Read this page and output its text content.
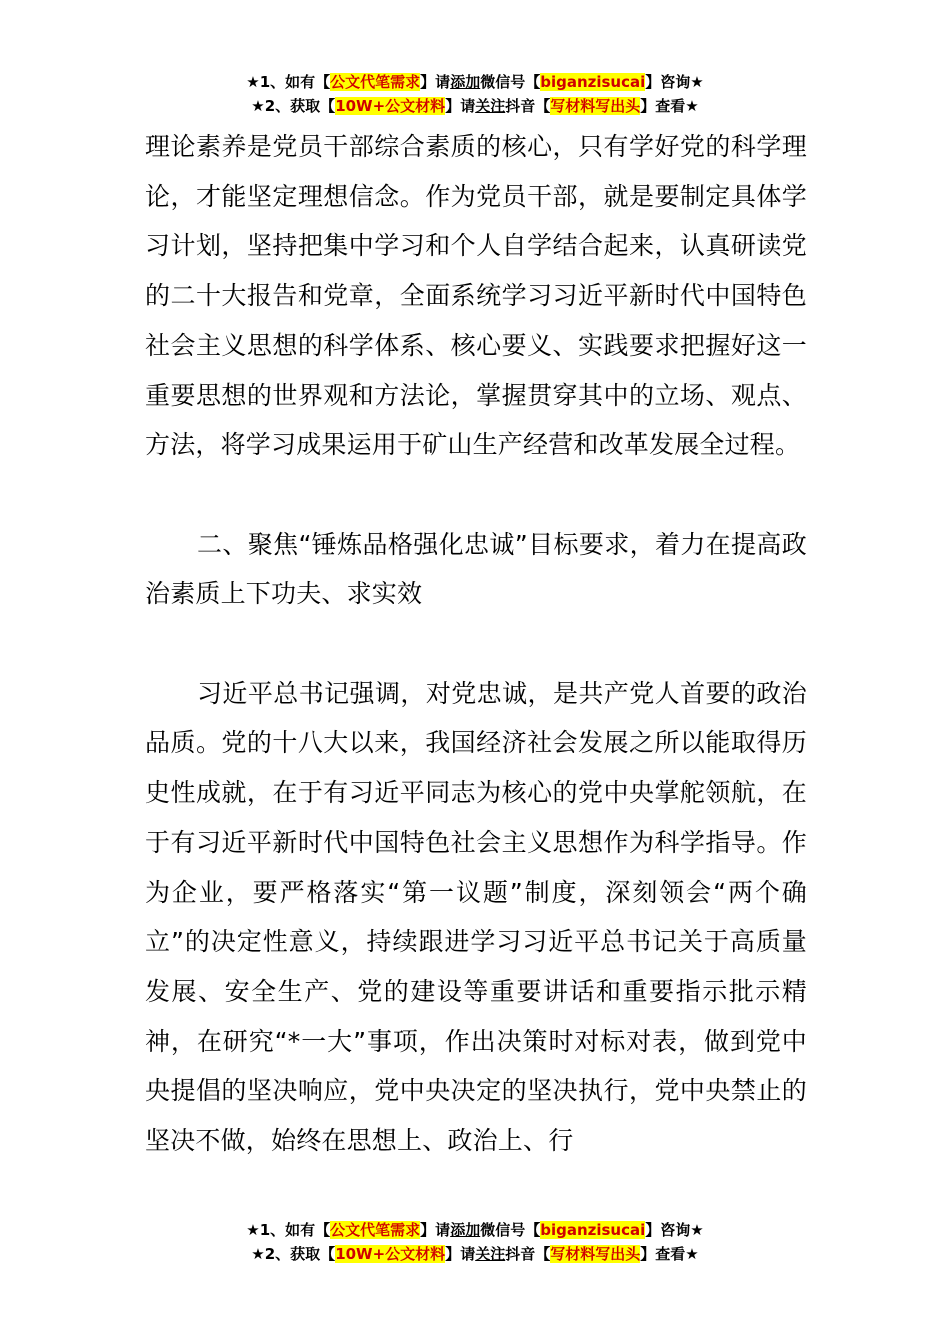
★1、如有【公文代笔需求】请添加微信号【biganzisucai】咨询★
★2、获取【10W+公文材料】请关注抖音【写材料写出头】查看★

理论素养是党员干部综合素质的核心，只有学好党的科学理论，才能坚定理想信念。作为党员干部，就是要制定具体学习计划，坚持把集中学习和个人自学结合起来，认真研读党的二十大报告和党章，全面系统学习习近平新时代中国特色社会主义思想的科学体系、核心要义、实践要求把握好这一重要思想的世界观和方法论，掌握贯穿其中的立场、观点、方法，将学习成果运用于矿山生产经营和改革发展全过程。

二、聚焦“锤炼品格强化忠诚”目标要求，着力在提高政治素质上下功夫、求实效

习近平总书记强调，对党忠诚，是共产党人首要的政治品质。党的十八大以来，我国经济社会发展之所以能取得历史性成就，在于有习近平同志为核心的党中央掌舵领航，在于有习近平新时代中国特色社会主义思想作为科学指导。作为企业，要严格落实“第一议题”制度，深刻领会“两个确立”的决定性意义，持续跟进学习习近平总书记关于高质量发展、安全生产、党的建设等重要讲话和重要指示批示精神，在研究“*一大”事项，作出决策时对标对表，做到党中央提倡的坚决响应，党中央决定的坚决执行，党中央禁止的坚决不做，始终在思想上、政治上、行

★1、如有【公文代笔需求】请添加微信号【biganzisucai】咨询★
★2、获取【10W+公文材料】请关注抖音【写材料写出头】查看★
